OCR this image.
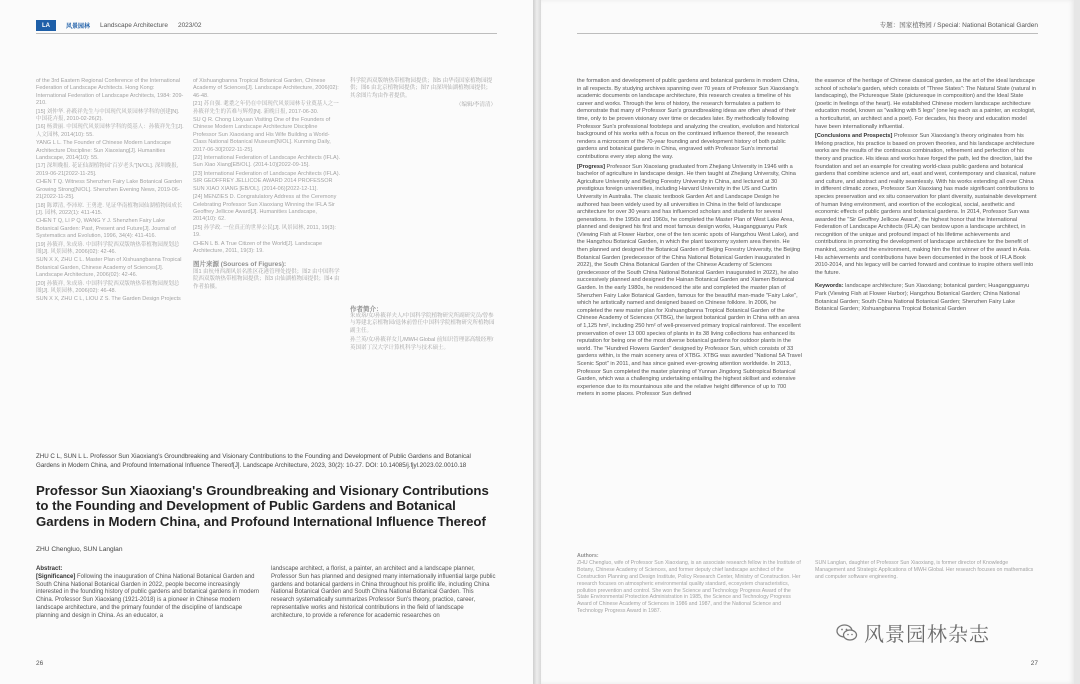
LA	风景园林 Landscape Architecture 2023/02

of the 3rd Eastern Regional Conference of the International Federation of Landscape Architects. Hong Kong: International Federation of Landscape Architects, 1984: 209-210.

[15] 刘仲华. 孙筱祥先生与中国现代风景园林学科的创建[N]. 中国花卉报, 2010-02-26(2).

[16] 杨赉丽. 中国现代风景园林学科的奠基人：孙筱祥先生[J]. 人文园林, 2014(10): 55.

YANG L L. The Founder of Chinese Modern Landscape Architecture Discipline: Sun Xiaoxiang[J]. Humanities Landscape, 2014(10): 55.

[17] 深圳晚报. 花证仙湖植物园“百岁老头”[N/OL]. 深圳晚报, 2019-06-21[2022-11-25].

CHEN T Q. Witness Shenzhen Fairy Lake Botanical Garden Growing Strong[N/OL]. Shenzhen Evening News, 2019-06-21[2022-11-25].

[18] 陈谭清, 李沛琼. 王勇进. 见证华南植物园仙湖植物园成长[J]. 园林, 2022(1): 411-415.

CHEN T Q, LI P Q, WANG Y J. Shenzhen Fairy Lake Botanical Garden: Past, Present and Future[J]. Journal of Systematics and Evolution, 1996, 34(4): 411-416.

[19] 孙筱祥, 朱成珞. 中国科学院西双版纳热带植物园规划总图[J]. 风景园林, 2006(02): 42-46.

SUN X X, ZHU C L. Master Plan of Xishuangbanna Tropical Botanical Garden, Chinese Academy of Sciences[J]. Landscape Architecture, 2006(02): 42-46.

[20] 孙筱祥, 朱成珞. 中国科学院西双版纳热带植物园规划总图[J]. 风景园林, 2006(02): 46-48.

SUN X X, ZHU C L, LIOU Z S. The Garden Design Projects

of Xishuangbanna Tropical Botanical Garden, Chinese Academy of Sciences[J]. Landscape Architecture, 2006(02): 46-48.

[21] 苏自强. 耄耋之年仍在中国现代风景园林专业奠基人之一孙筱祥先生的苦难与辉煌[N]. 新晚日报, 2017-06-30.

SU Q R. Chong Lixiyuan Visiting One of the Founders of Chinese Modern Landscape Architecture Discipline Professor Sun Xiaoxiang and His Wife Building a World-Class National Botanical Museum[N/OL]. Kunming Daily, 2017-06-30[2022-11-25].

[22] International Federation of Landscape Architects (IFLA). Sun Xiao Xiang[EB/OL]. (2014-10)[2022-09-15].

[23] International Federation of Landscape Architects (IFLA). SIR GEOFFREY JELLICOE AWARD 2014 PROFESSOR SUN XIAO XIANG [EB/OL]. (2014-06)[2022-12-11].

[24] MENZIES D. Congratulatory Address at the Ceremony Celebrating Professor Sun Xiaoxiang Winning the IFLA Sir Geoffrey Jellicoe Award[J]. Humanities Landscape, 2014(10): 62.

[25] 孙学政. 一位真正的世界公民[J]. 风景园林, 2011, 19(3): 19.

CHEN L B. A True Citizen of the World[J]. Landscape Architecture, 2011, 19(3): 19.

图片来源 (Sources of Figures):

图1 由杭州西湖风景名胜区花港管理处提供；图2 由中国科学院西双版纳热带植物园提供；图3 由仙湖植物园提供；图4 由作者拍摄。

科学院西双版纳热带植物园提供；图5 由华南国家植物园提供；图6 由北京植物园提供；图7 由深圳仙湖植物园提供；其余图片均由作者提供。

（编辑/李清清）

作者简介：

朱成珞/女/孙筱祥夫人/中国科学院植物研究所副研究员/曾参与筹建北京植物园/退休前曾任中国科学院植物研究所植物园副主任。

孙兰英/女/孙筱祥女儿/MWH Global 前知识管理部高级经理/英国诺丁汉大学计算机科学与技术硕士。

ZHU C L, SUN L L. Professor Sun Xiaoxiang's Groundbreaking and Visionary Contributions to the Founding and Development of Public Gardens and Botanical Gardens in Modern China, and Profound International Influence Thereof[J]. Landscape Architecture, 2023, 30(2): 10-27. DOI: 10.14085/j.fjyl.2023.02.0010.18
Professor Sun Xiaoxiang's Groundbreaking and Visionary Contributions to the Founding and Development of Public Gardens and Botanical Gardens in Modern China, and Profound International Influence Thereof
ZHU Chengluo, SUN Langlan
Abstract:

[Significance] Following the inauguration of China National Botanical Garden and South China National Botanical Garden in 2022, people become increasingly interested in the founding history of public gardens and botanical gardens in modern China. Professor Sun Xiaoxiang (1921-2018) is a pioneer in Chinese modern landscape architecture, and the primary founder of the discipline of landscape planning and design in China. As an educator, a

landscape architect, a florist, a painter, an architect and a landscape planner, Professor Sun has planned and designed many internationally influential large public gardens and botanical gardens in China throughout his prolific life, including China National Botanical Garden and South China National Botanical Garden. This research systematically summarizes Professor Sun's theory, practice, career, representative works and historical contributions in the field of landscape architecture, to provide a reference for academic researches on

26
专题：国家植物园 / Special: National Botanical Garden

the formation and development of public gardens and botanical gardens in modern China, in all respects. By studying archives spanning over 70 years of Professor Sun Xiaoxiang's academic documents on landscape architecture, this research creates a timeline of his career and works. Through the lens of history, the research formulates a pattern to demonstrate that many of Professor Sun's groundbreaking ideas are often ahead of their time, only to be proven visionary over time or decades later. By methodically following Professor Sun's professional footsteps and analyzing the creation, evolution and historical background of his works with a focus on the continued influence thereof, the research renders a microcosm of the 70-year founding and development history of both public gardens and botanical gardens in China, engraved with Professor Sun's immortal contributions every step along the way.

[Progress] Professor Sun Xiaoxiang graduated from Zhejiang University in 1946 with a bachelor of agriculture in landscape design. He then taught at Zhejiang University, China Agriculture University and Beijing Forestry University in China, and lectured at 30 prestigious foreign universities, including Harvard University in the US and Curtin University in Australia. The classic textbook Garden Art and Landscape Design he authored has been widely used by all universities in China in the field of landscape architecture for over 30 years and has influenced scholars and students for several generations. In the 1950s and 1960s, he completed the Master Plan of West Lake Area, planned and designed his first and most famous design works, Huagangguanyu Park (Viewing Fish at Flower Harbor, one of the ten scenic spots of Hangzhou West Lake), and the Hangzhou Botanical Garden, in which the plant taxonomy system area therein. He then planned and designed the Botanical Garden of Beijing Forestry University, the Beijing Botanical Garden (predecessor of the China National Botanical Garden inaugurated in 2022), the South China Botanical Garden of the Chinese Academy of Sciences (predecessor of the South China National Botanical Garden inaugurated in 2022), he also successively planned and designed the Hainan Botanical Garden and Xiamen Botanical Garden. In the early 1980s, he residenced the site and completed the master plan of Shenzhen Fairy Lake Botanical Garden, famous for the beautiful man-made "Fairy Lake", which he artistically named and designed based on Chinese folklore. In 2006, he completed the new master plan for Xishuangbanna Tropical Botanical Garden of the Chinese Academy of Sciences (XTBG), the largest botanical garden in China with an area of 1,125 hm², including 250 hm² of well-preserved primary tropical rainforest. The excellent preservation of over 13 000 species of plants in its 38 living collections has enhanced its reputation for being one of the most diverse botanical gardens for outdoor plants in the world. The "Hundred Flowers Garden" designed by Professor Sun, which consists of 33 gardens within, is the main scenery area of XTBG. XTBG was awarded "National 5A Travel Scenic Spot" in 2011, and has since gained ever-growing attention worldwide. In 2013, Professor Sun completed the master planning of Yunnan Jingdong Subtropical Botanical Garden, which was a challenging undertaking entailing the highest skillset and extensive experience due to its mountainous site and the relative height difference of up to 700 meters in some places. Professor Sun defined

the essence of the heritage of Chinese classical garden, as the art of the ideal landscape school of scholar's garden, which consists of "Three States": The Natural State (natural in landscaping), the Picturesque State (picturesque in composition) and the Ideal State (poetic in feelings of the heart). He established Chinese modern landscape architecture education model, known as "walking with 5 legs" (one leg each as a painter, an ecologist, a horticulturist, an architect and a poet). For decades, his theory and education model have been internationally influential.

[Conclusions and Prospects] Professor Sun Xiaoxiang's theory originates from his lifelong practice, his practice is based on proven theories, and his landscape architecture works are the results of the continuous combination, refinement and perfection of his theory and practice. His ideas and works have forged the path, led the direction, laid the foundation and set an example for creating world-class public gardens and botanical gardens that combine science and art, east and west, contemporary and classical, nature and culture, and abstract and reality seamlessly. With his works extending all over China in different climatic zones, Professor Sun Xiaoxiang has made significant contributions to species preservation and ex situ conservation for plant diversity, sustainable development of human living environment, and exertion of the ecological, social, aesthetic and economic effects of public gardens and botanical gardens. In 2014, Professor Sun was awarded the "Sir Geoffrey Jellicoe Award", the highest honor that the International Federation of Landscape Architects (IFLA) can bestow upon a landscape architect, in recognition of the unique and profound impact of his lifetime achievements and contributions in promoting the development of landscape architecture for the benefit of mankind, society and the environment, making him the first winner of the award in Asia. His achievements and contributions have been documented in the book of IFLA Book 2010-2014, and his legacy will be carried forward and continue to inspire others well into the future.

Keywords: landscape architecture; Sun Xiaoxiang; botanical garden; Huagangguanyu Park (Viewing Fish at Flower Harbor); Hangzhou Botanical Garden; China National Botanical Garden; South China National Botanical Garden; Shenzhen Fairy Lake Botanical Garden; Xishuangbanna Tropical Botanical Garden

Authors:

ZHU Chengluo, wife of Professor Sun Xiaoxiang, is an associate research fellow in the Institute of Botany, Chinese Academy of Sciences, and former deputy chief landscape architect of the Construction Planning and Design Institute, Policy Research Center, Ministry of Construction. Her research focuses on atmospheric environmental quality standard, ecosystem characteristics, pollution prevention and control. She won the Science and Technology Progress Award of the State Environmental Protection Administration in 1985, the Science and Technology Progress Award of Chinese Academy of Sciences in 1986 and 1987, and the National Science and Technology Progress Award in 1987.

SUN Langlan, daughter of Professor Sun Xiaoxiang, is former director of Knowledge Management and Strategic Applications of MWH Global. Her research focuses on mathematics and computer software engineering.

27
风景园林杂志
